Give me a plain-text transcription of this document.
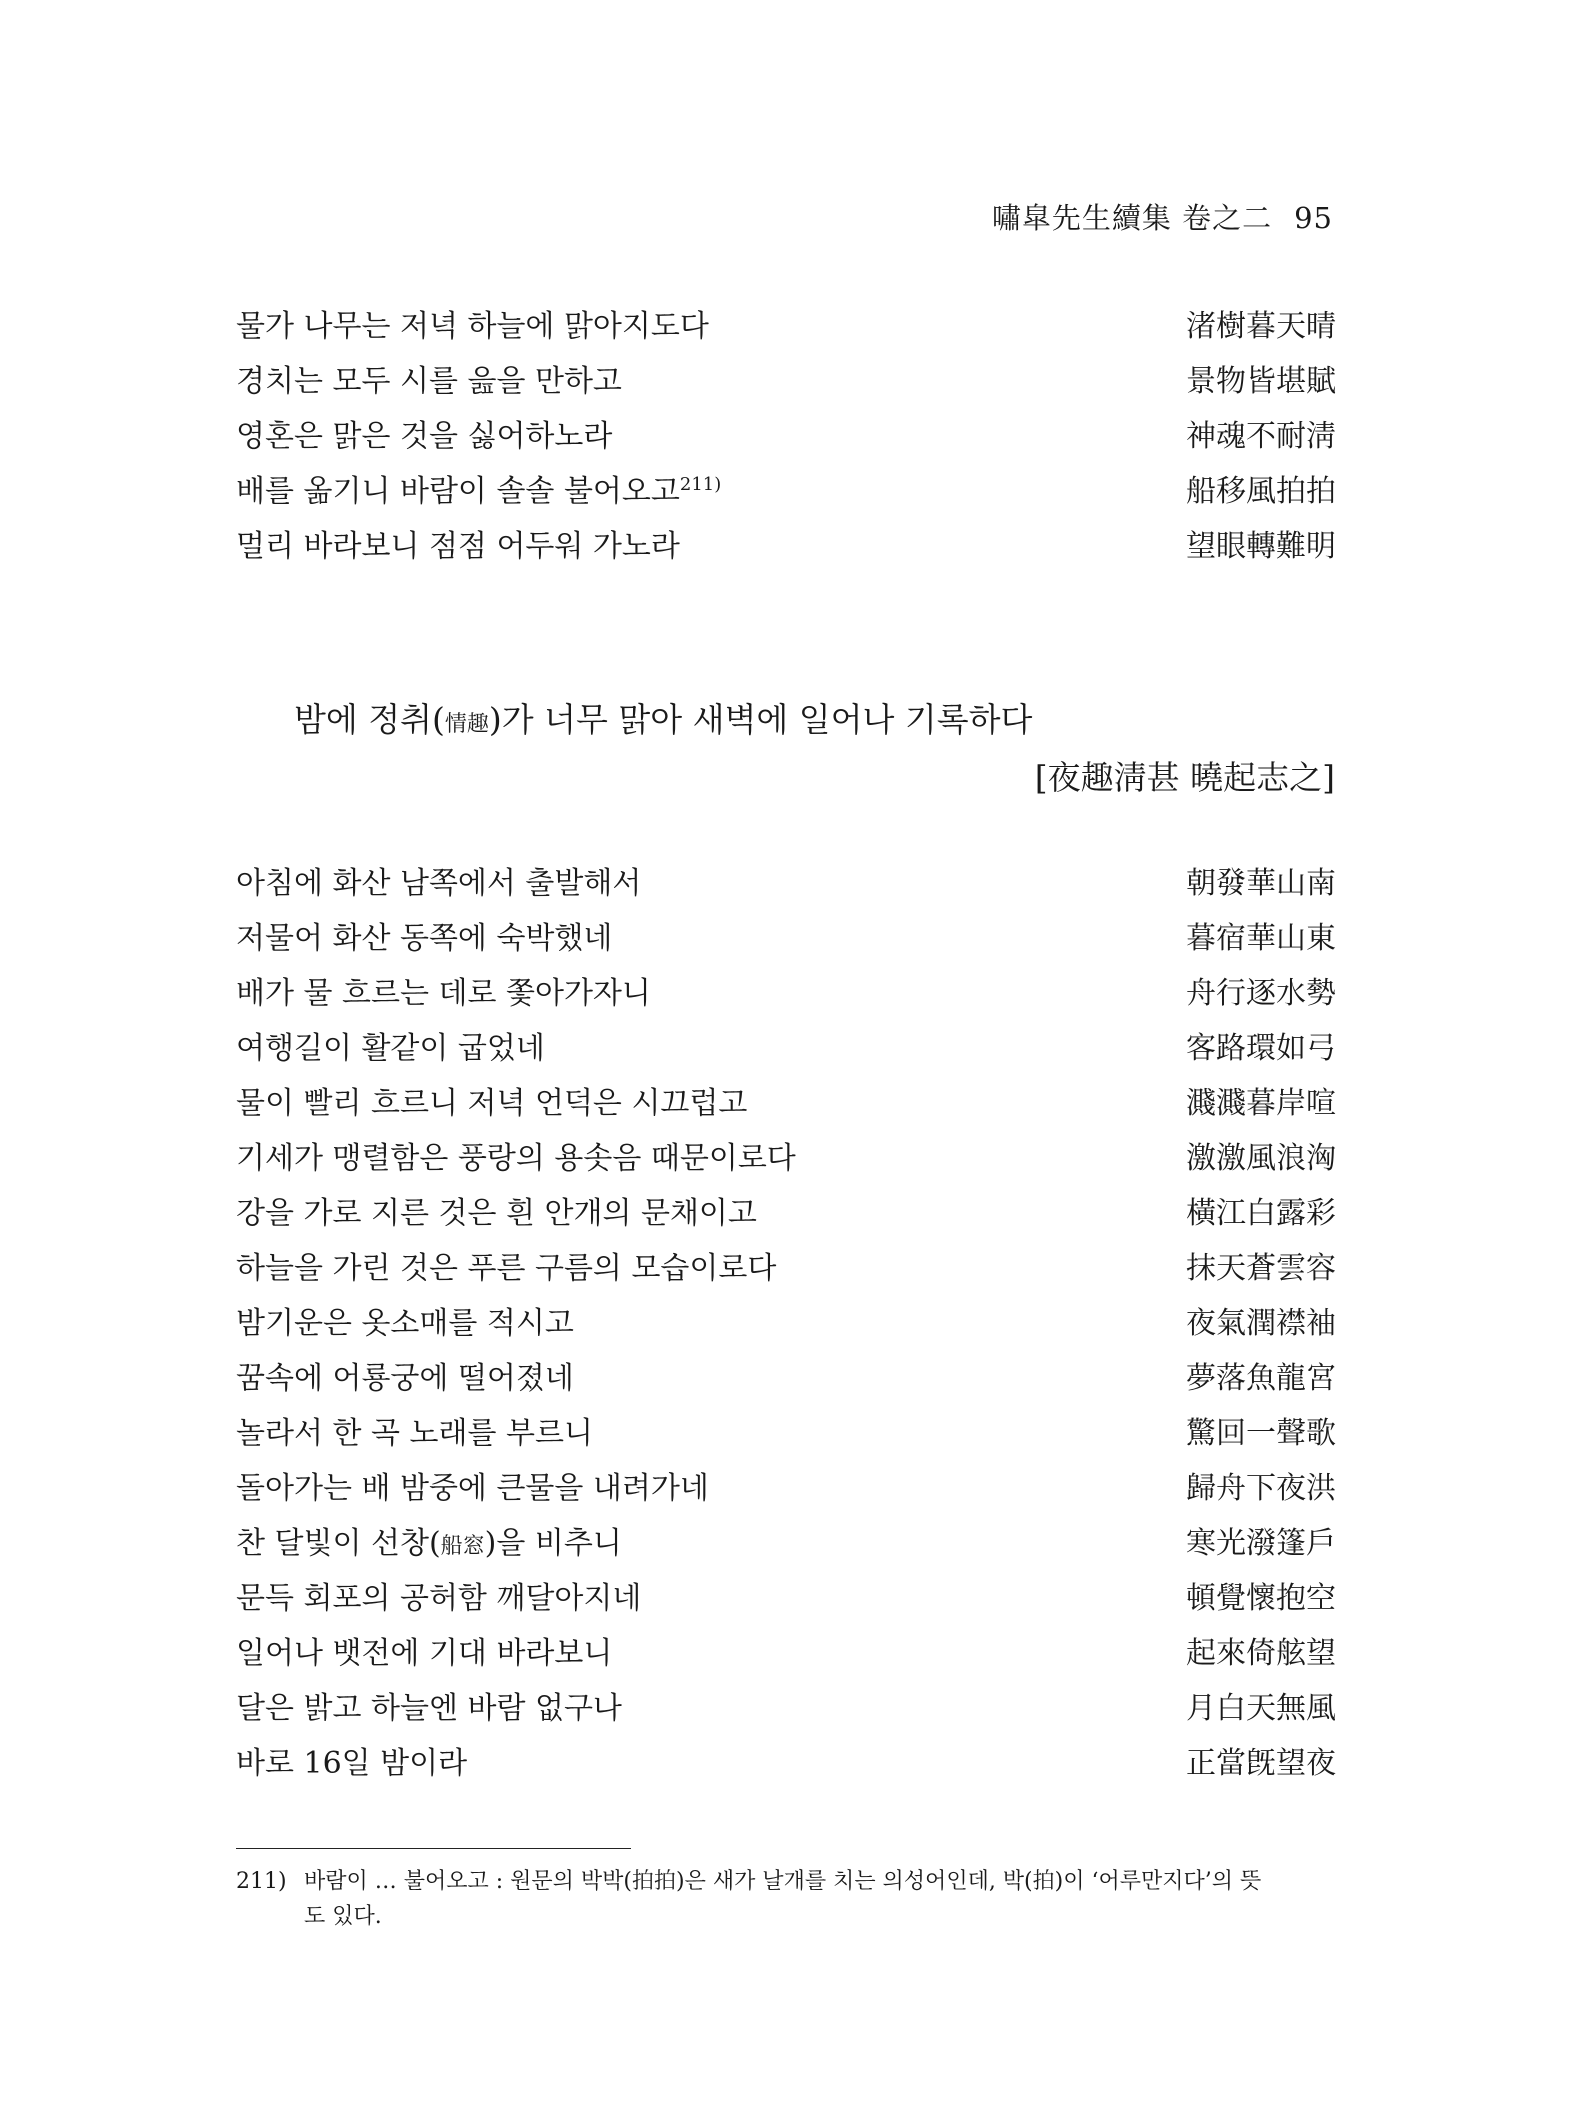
嘯皐先生續集 卷之二 95
물가 나무는 저녁 하늘에 맑아지도다	渚樹暮天晴
경치는 모두 시를 읊을 만하고	景物皆堪賦
영혼은 맑은 것을 싫어하노라	神魂不耐淸
배를 옮기니 바람이 솔솔 불어오고$^{211)}$	船移風拍拍
멀리 바라보니 점점 어두워 가노라	望眼轉難明
밤에 정취(情趣)가 너무 맑아 새벽에 일어나 기록하다
[夜趣淸甚 曉起志之]
아침에 화산 남쪽에서 출발해서	朝發華山南
저물어 화산 동쪽에 숙박했네	暮宿華山東
배가 물 흐르는 데로 쫓아가자니	舟行逐水勢
여행길이 활같이 굽었네	客路環如弓
물이 빨리 흐르니 저녁 언덕은 시끄럽고	濺濺暮岸喧
기세가 맹렬함은 풍랑의 용솟음 때문이로다	激激風浪洶
강을 가로 지른 것은 흰 안개의 문채이고	橫江白露彩
하늘을 가린 것은 푸른 구름의 모습이로다	抹天蒼雲容
밤기운은 옷소매를 적시고	夜氣潤襟袖
꿈속에 어룡궁에 떨어졌네	夢落魚龍宮
놀라서 한 곡 노래를 부르니	驚回一聲歌
돌아가는 배 밤중에 큰물을 내려가네	歸舟下夜洪
찬 달빛이 선창(船窓)을 비추니	寒光潑篷戶
문득 회포의 공허함 깨달아지네	頓覺懷抱空
일어나 뱃전에 기대 바라보니	起來倚舷望
달은 밝고 하늘엔 바람 없구나	月白天無風
바로 16일 밤이라	正當旣望夜
211) 바람이 … 불어오고 : 원문의 박박(拍拍)은 새가 날개를 치는 의성어인데, 박(拍)이 ‘어루만지다’의 뜻
도 있다.
